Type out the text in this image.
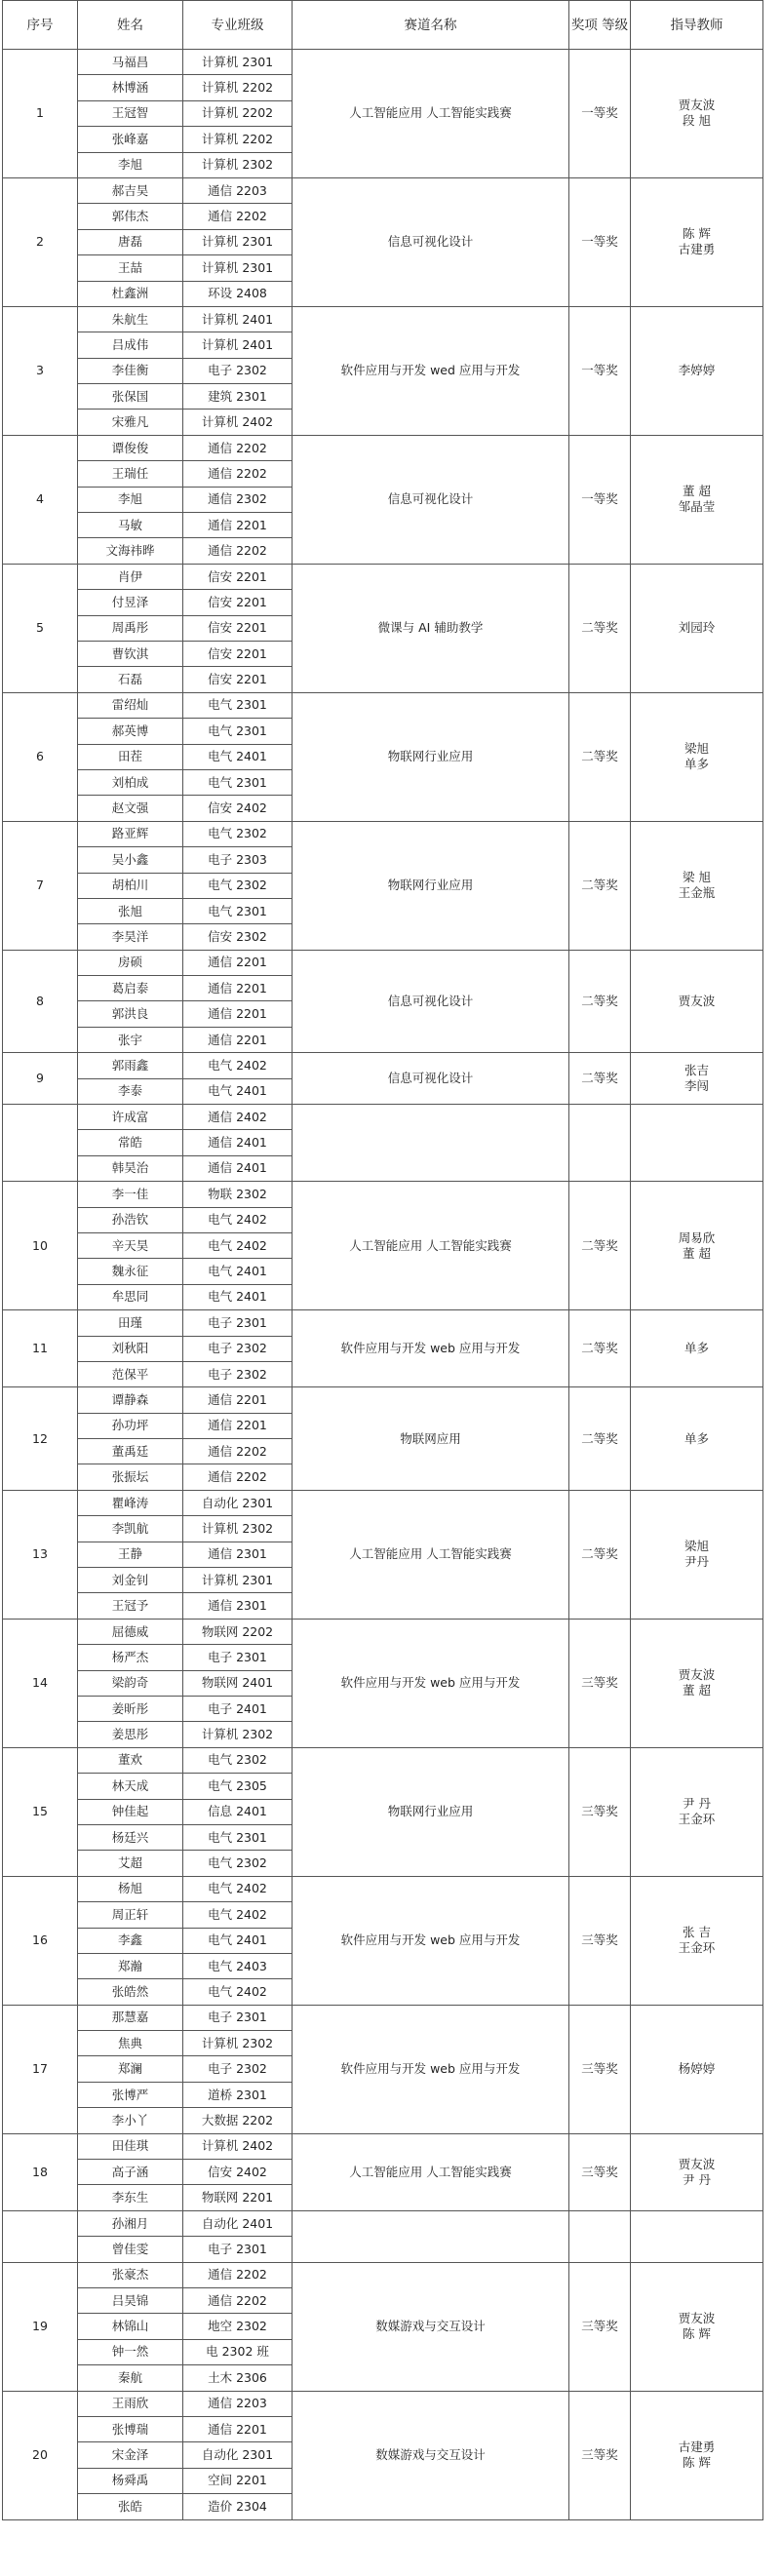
序号	姓名	专业班级	赛道名称	奖项 等级	指导教师
1	马福昌	计算机 2301	人工智能应用 人工智能实践赛	一等奖	贾友波
段 旭
	林博涵	计算机 2202			
	王冠智	计算机 2202			
	张峰嘉	计算机 2202			
	李旭	计算机 2302			
2	郝吉昊	通信 2203	信息可视化设计	一等奖	陈 辉
古建勇
	郭伟杰	通信 2202			
	唐磊	计算机 2301			
	王喆	计算机 2301			
	杜鑫洲	环设 2408			
3	朱航生	计算机 2401	软件应用与开发 wed 应用与开发	一等奖	李婷婷
	吕成伟	计算机 2401			
	李佳衡	电子 2302			
	张保国	建筑 2301			
	宋雅凡	计算机 2402			
4	谭俊俊	通信 2202	信息可视化设计	一等奖	董 超
邹晶莹
	王瑞任	通信 2202			
	李旭	通信 2302			
	马敏	通信 2201			
	文海祎晔	通信 2202			
5	肖伊	信安 2201	微课与 AI 辅助教学	二等奖	刘园玲
	付昱泽	信安 2201			
	周禹彤	信安 2201			
	曹钦淇	信安 2201			
	石磊	信安 2201			
6	雷绍灿	电气 2301	物联网行业应用	二等奖	梁旭
单多
	郝英博	电气 2301			
	田茬	电气 2401			
	刘柏成	电气 2301			
	赵文强	信安 2402			
7	路亚辉	电气 2302	物联网行业应用	二等奖	梁 旭
王金瓶
	吴小鑫	电子 2303			
	胡柏川	电气 2302			
	张旭	电气 2301			
	李昊洋	信安 2302			
8	房硕	通信 2201	信息可视化设计	二等奖	贾友波
	葛启泰	通信 2201			
	郭洪良	通信 2201			
	张宇	通信 2201			
9	郭雨鑫	电气 2402	信息可视化设计	二等奖	张吉
李闯
	李泰	电气 2401			
	许成富	通信 2402			
	常皓	通信 2401			
	韩昊治	通信 2401			
10	李一佳	物联 2302	人工智能应用 人工智能实践赛	二等奖	周易欣
董 超
	孙浩钦	电气 2402			
	辛天昊	电气 2402			
	魏永征	电气 2401			
	牟思同	电气 2401			
11	田瑾	电子 2301	软件应用与开发 web 应用与开发	二等奖	单多
	刘秋阳	电子 2302			
	范保平	电子 2302			
12	谭静森	通信 2201	物联网应用	二等奖	单多
	孙功坪	通信 2201			
	董禹廷	通信 2202			
	张振坛	通信 2202			
13	瞿峰涛	自动化 2301	人工智能应用 人工智能实践赛	二等奖	梁旭
尹丹
	李凯航	计算机 2302			
	王静	通信 2301			
	刘金钊	计算机 2301			
	王冠予	通信 2301			
14	屈德威	物联网 2202	软件应用与开发 web 应用与开发	三等奖	贾友波
董 超
	杨严杰	电子 2301			
	梁韵奇	物联网 2401			
	姜昕彤	电子 2401			
	姜思彤	计算机 2302			
15	董欢	电气 2302	物联网行业应用	三等奖	尹 丹
王金环
	林天成	电气 2305			
	钟佳起	信息 2401			
	杨廷兴	电气 2301			
	艾超	电气 2302			
16	杨旭	电气 2402	软件应用与开发 web 应用与开发	三等奖	张 吉
王金环
	周正轩	电气 2402			
	李鑫	电气 2401			
	郑瀚	电气 2403			
	张皓然	电气 2402			
17	那慧嘉	电子 2301	软件应用与开发 web 应用与开发	三等奖	杨婷婷
	焦典	计算机 2302			
	郑澜	电子 2302			
	张博严	道桥 2301			
	李小丫	大数据 2202			
18	田佳琪	计算机 2402	人工智能应用 人工智能实践赛	三等奖	贾友波
尹 丹
	高子涵	信安 2402			
	李东生	物联网 2201			
	孙湘月	自动化 2401			
	曾佳雯	电子 2301			
19	张豪杰	通信 2202	数媒游戏与交互设计	三等奖	贾友波
陈 辉
	吕昊锦	通信 2202			
	林锦山	地空 2302			
	钟一然	电 2302 班			
	秦航	土木 2306			
20	王雨欣	通信 2203	数媒游戏与交互设计	三等奖	古建勇
陈 辉
	张博瑞	通信 2201			
	宋金泽	自动化 2301			
	杨舜禹	空间 2201			
	张皓	造价 2304			
